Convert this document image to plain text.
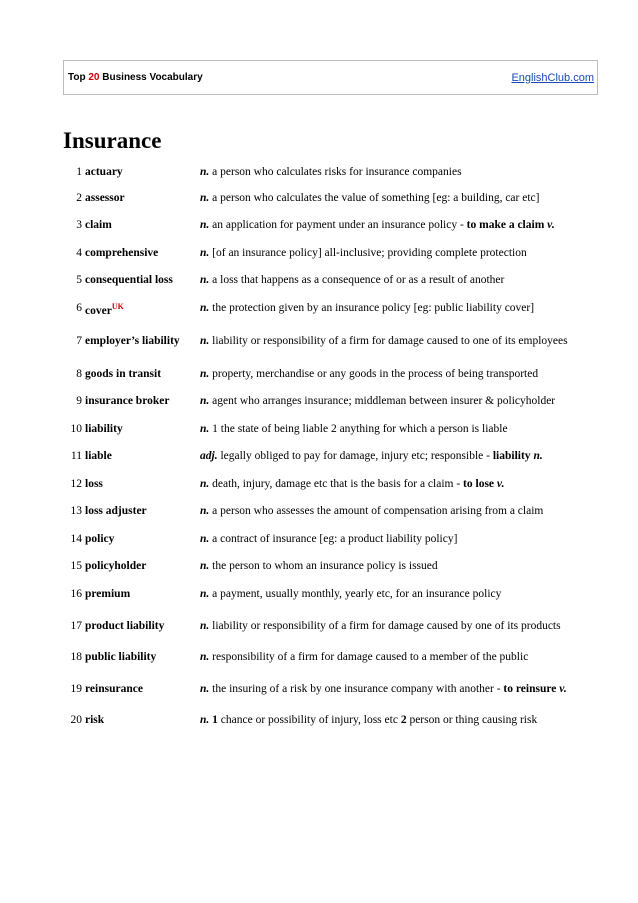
Top 20 Business Vocabulary	EnglishClub.com
Insurance
1	actuary	n. a person who calculates risks for insurance companies
2	assessor	n. a person who calculates the value of something [eg: a building, car etc]
3	claim	n. an application for payment under an insurance policy - to make a claim v.
4	comprehensive	n. [of an insurance policy] all-inclusive; providing complete protection
5	consequential loss	n. a loss that happens as a consequence of or as a result of another
6	cover$^{UK}$	n. the protection given by an insurance policy [eg: public liability cover]
7	employer’s liability	n. liability or responsibility of a firm for damage caused to one of its employees
8	goods in transit	n. property, merchandise or any goods in the process of being transported
9	insurance broker	n. agent who arranges insurance; middleman between insurer & policyholder
10	liability	n. 1 the state of being liable 2 anything for which a person is liable
11	liable	adj. legally obliged to pay for damage, injury etc; responsible - liability n.
12	loss	n. death, injury, damage etc that is the basis for a claim - to lose v.
13	loss adjuster	n. a person who assesses the amount of compensation arising from a claim
14	policy	n. a contract of insurance [eg: a product liability policy]
15	policyholder	n. the person to whom an insurance policy is issued
16	premium	n. a payment, usually monthly, yearly etc, for an insurance policy
17	product liability	n. liability or responsibility of a firm for damage caused by one of its products
18	public liability	n. responsibility of a firm for damage caused to a member of the public
19	reinsurance	n. the insuring of a risk by one insurance company with another - to reinsure v.
20	risk	n. 1 chance or possibility of injury, loss etc 2 person or thing causing risk
